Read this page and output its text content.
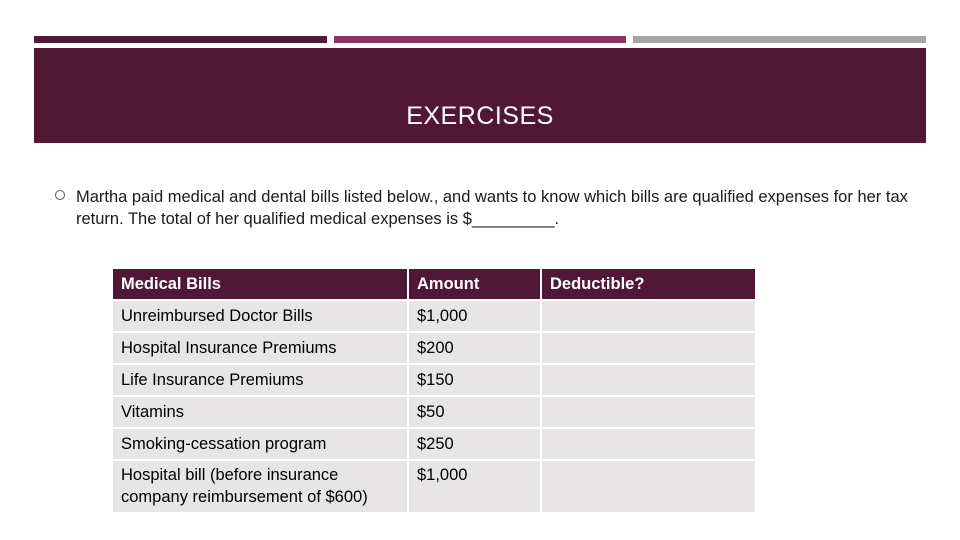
EXERCISES
Martha paid medical and dental bills listed below., and wants to know which bills are qualified expenses for her tax return. The total of her qualified medical expenses is $_________.
Medical Bills	Amount	Deductible?
Unreimbursed Doctor Bills	$1,000	
Hospital Insurance Premiums	$200	
Life Insurance Premiums	$150	
Vitamins	$50	
Smoking-cessation program	$250	
Hospital bill (before insurance company reimbursement of $600)	$1,000	
